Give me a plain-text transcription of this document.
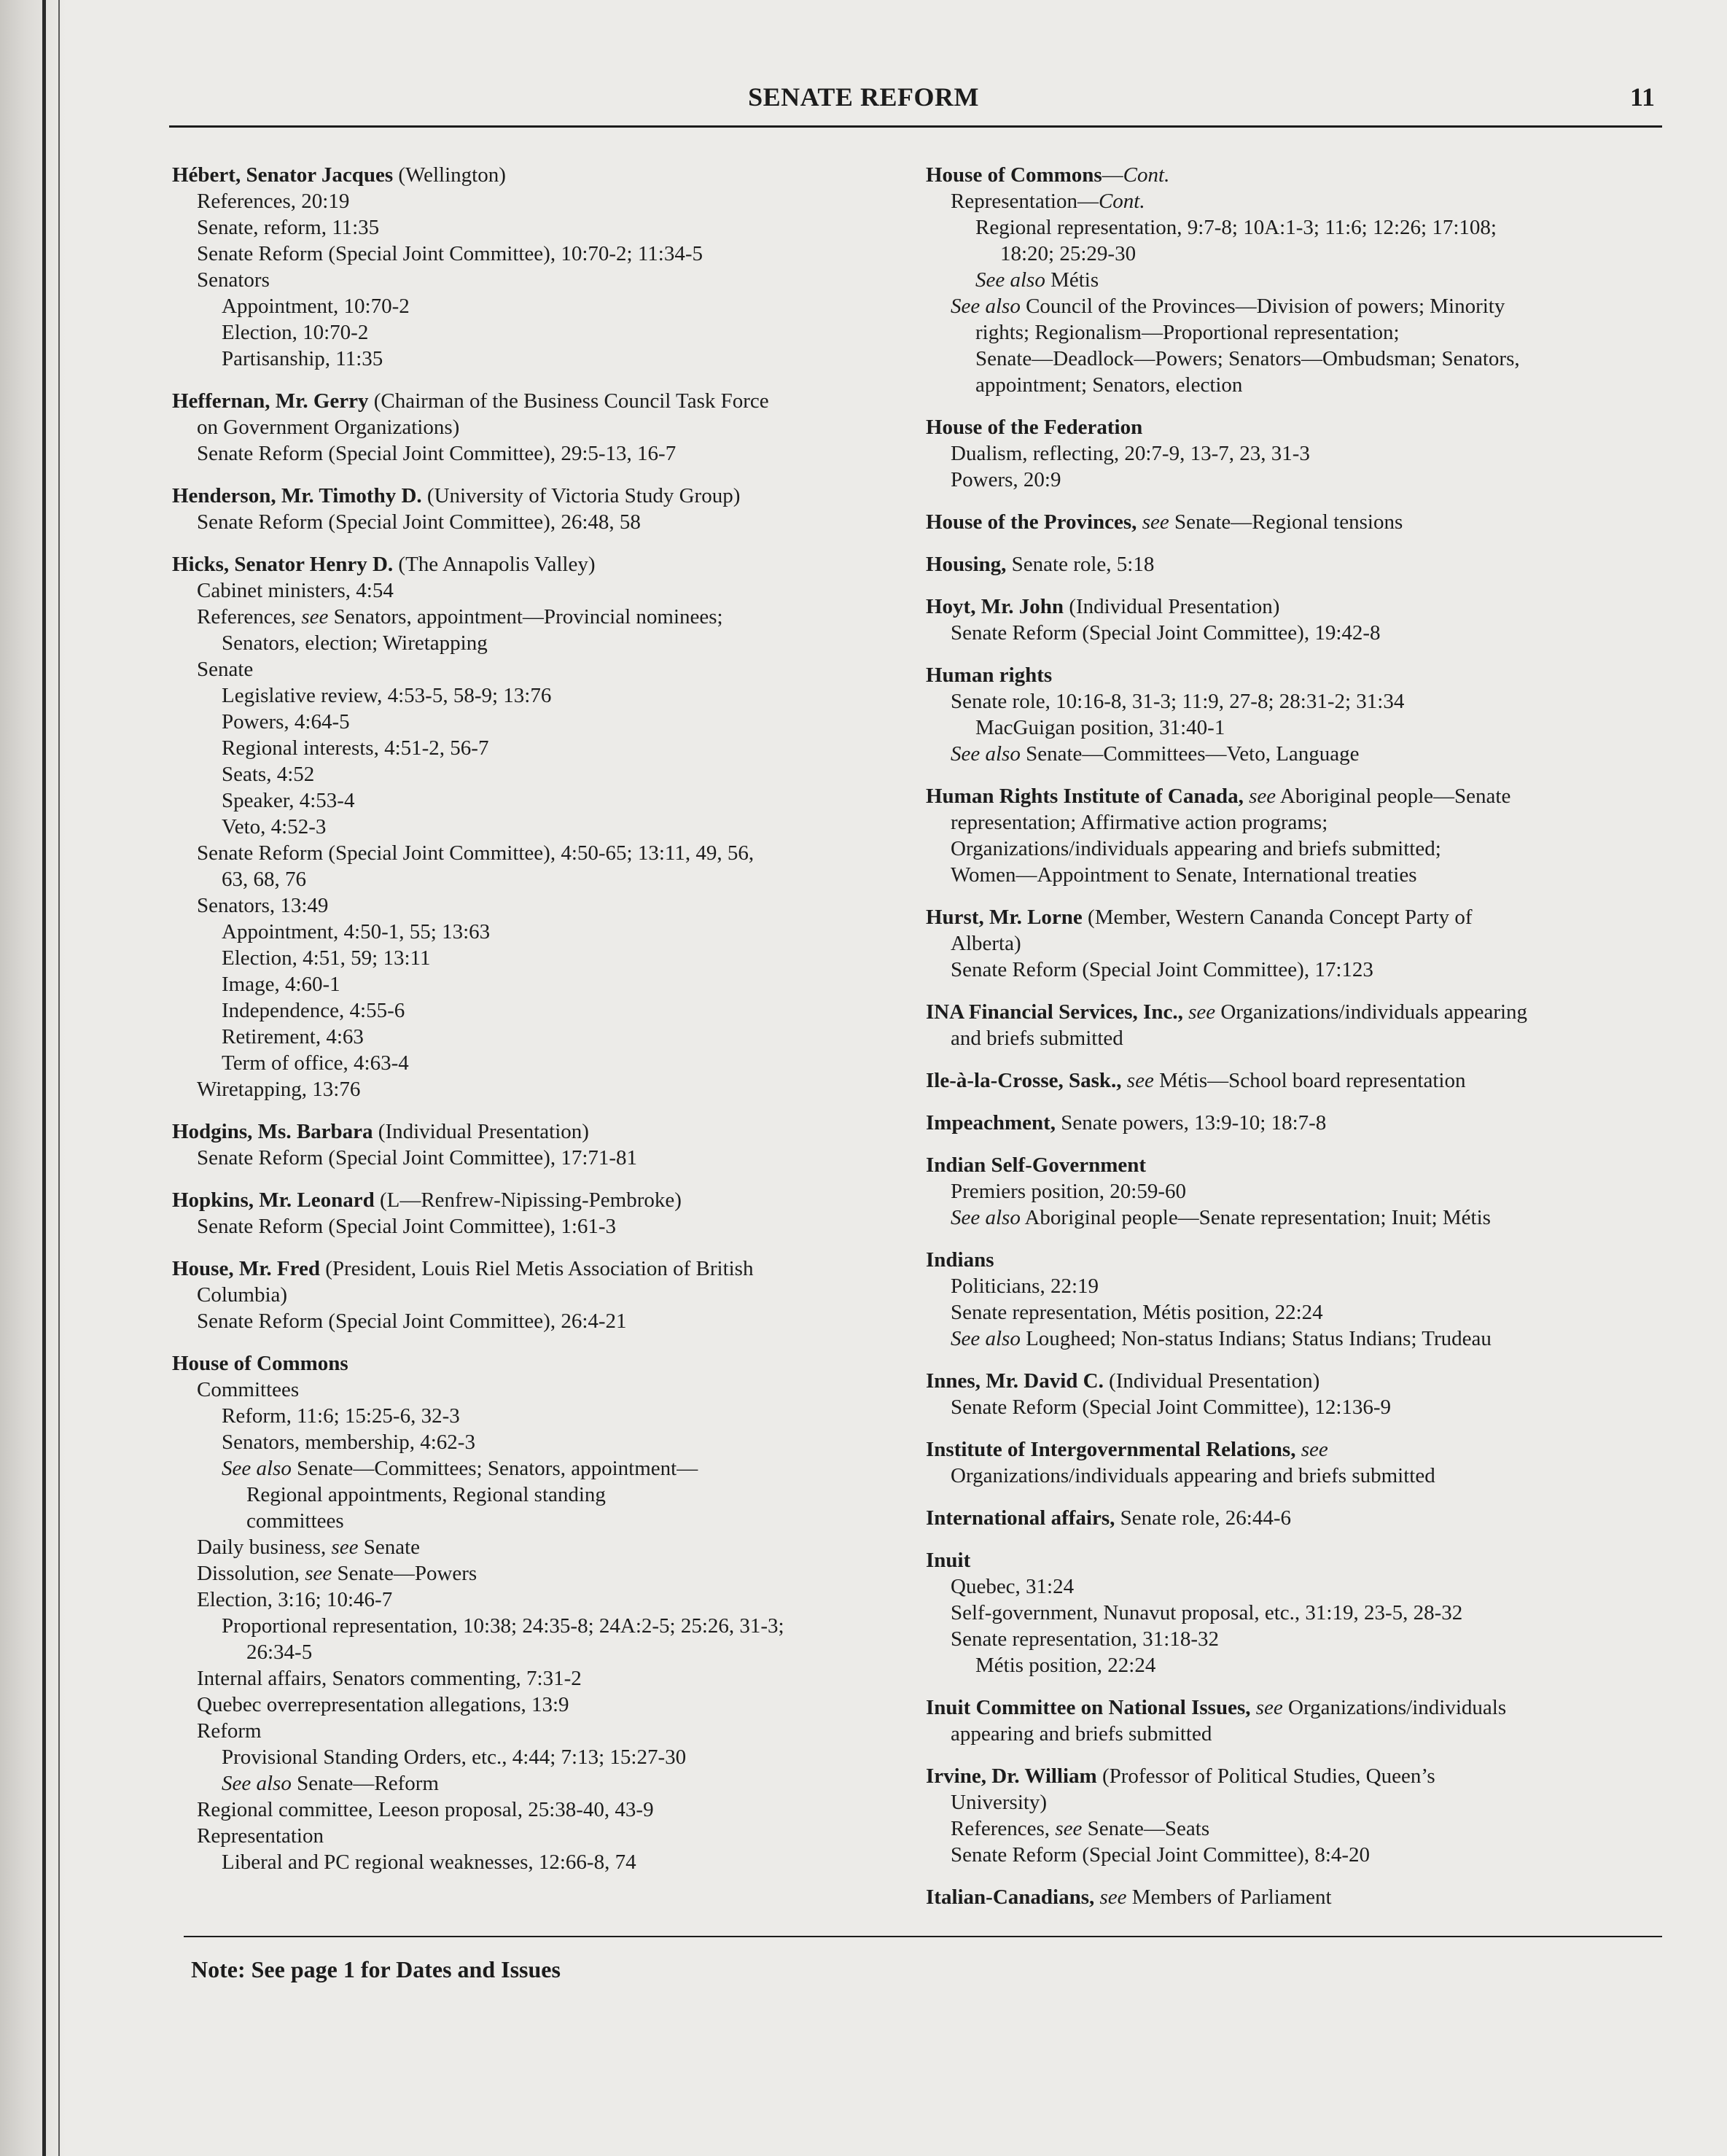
SENATE REFORM	11
Hébert, Senator Jacques (Wellington)
References, 20:19
Senate, reform, 11:35
Senate Reform (Special Joint Committee), 10:70-2; 11:34-5
Senators
Appointment, 10:70-2
Election, 10:70-2
Partisanship, 11:35
Heffernan, Mr. Gerry (Chairman of the Business Council Task Force
on Government Organizations)
Senate Reform (Special Joint Committee), 29:5-13, 16-7
Henderson, Mr. Timothy D. (University of Victoria Study Group)
Senate Reform (Special Joint Committee), 26:48, 58
Hicks, Senator Henry D. (The Annapolis Valley)
Cabinet ministers, 4:54
References, see Senators, appointment—Provincial nominees;
Senators, election; Wiretapping
Senate
Legislative review, 4:53-5, 58-9; 13:76
Powers, 4:64-5
Regional interests, 4:51-2, 56-7
Seats, 4:52
Speaker, 4:53-4
Veto, 4:52-3
Senate Reform (Special Joint Committee), 4:50-65; 13:11, 49, 56,
63, 68, 76
Senators, 13:49
Appointment, 4:50-1, 55; 13:63
Election, 4:51, 59; 13:11
Image, 4:60-1
Independence, 4:55-6
Retirement, 4:63
Term of office, 4:63-4
Wiretapping, 13:76
Hodgins, Ms. Barbara (Individual Presentation)
Senate Reform (Special Joint Committee), 17:71-81
Hopkins, Mr. Leonard (L—Renfrew-Nipissing-Pembroke)
Senate Reform (Special Joint Committee), 1:61-3
House, Mr. Fred (President, Louis Riel Metis Association of British
Columbia)
Senate Reform (Special Joint Committee), 26:4-21
House of Commons
Committees
Reform, 11:6; 15:25-6, 32-3
Senators, membership, 4:62-3
See also Senate—Committees; Senators, appointment—
Regional appointments, Regional standing
committees
Daily business, see Senate
Dissolution, see Senate—Powers
Election, 3:16; 10:46-7
Proportional representation, 10:38; 24:35-8; 24A:2-5; 25:26, 31-3;
26:34-5
Internal affairs, Senators commenting, 7:31-2
Quebec overrepresentation allegations, 13:9
Reform
Provisional Standing Orders, etc., 4:44; 7:13; 15:27-30
See also Senate—Reform
Regional committee, Leeson proposal, 25:38-40, 43-9
Representation
Liberal and PC regional weaknesses, 12:66-8, 74
House of Commons—Cont.
Representation—Cont.
Regional representation, 9:7-8; 10A:1-3; 11:6; 12:26; 17:108;
18:20; 25:29-30
See also Métis
See also Council of the Provinces—Division of powers; Minority
rights; Regionalism—Proportional representation;
Senate—Deadlock—Powers; Senators—Ombudsman; Senators,
appointment; Senators, election
House of the Federation
Dualism, reflecting, 20:7-9, 13-7, 23, 31-3
Powers, 20:9
House of the Provinces, see Senate—Regional tensions
Housing, Senate role, 5:18
Hoyt, Mr. John (Individual Presentation)
Senate Reform (Special Joint Committee), 19:42-8
Human rights
Senate role, 10:16-8, 31-3; 11:9, 27-8; 28:31-2; 31:34
MacGuigan position, 31:40-1
See also Senate—Committees—Veto, Language
Human Rights Institute of Canada, see Aboriginal people—Senate
representation; Affirmative action programs;
Organizations/individuals appearing and briefs submitted;
Women—Appointment to Senate, International treaties
Hurst, Mr. Lorne (Member, Western Cananda Concept Party of
Alberta)
Senate Reform (Special Joint Committee), 17:123
INA Financial Services, Inc., see Organizations/individuals appearing
and briefs submitted
Ile-à-la-Crosse, Sask., see Métis—School board representation
Impeachment, Senate powers, 13:9-10; 18:7-8
Indian Self-Government
Premiers position, 20:59-60
See also Aboriginal people—Senate representation; Inuit; Métis
Indians
Politicians, 22:19
Senate representation, Métis position, 22:24
See also Lougheed; Non-status Indians; Status Indians; Trudeau
Innes, Mr. David C. (Individual Presentation)
Senate Reform (Special Joint Committee), 12:136-9
Institute of Intergovernmental Relations, see
Organizations/individuals appearing and briefs submitted
International affairs, Senate role, 26:44-6
Inuit
Quebec, 31:24
Self-government, Nunavut proposal, etc., 31:19, 23-5, 28-32
Senate representation, 31:18-32
Métis position, 22:24
Inuit Committee on National Issues, see Organizations/individuals
appearing and briefs submitted
Irvine, Dr. William (Professor of Political Studies, Queen’s
University)
References, see Senate—Seats
Senate Reform (Special Joint Committee), 8:4-20
Italian-Canadians, see Members of Parliament
Note: See page 1 for Dates and Issues
